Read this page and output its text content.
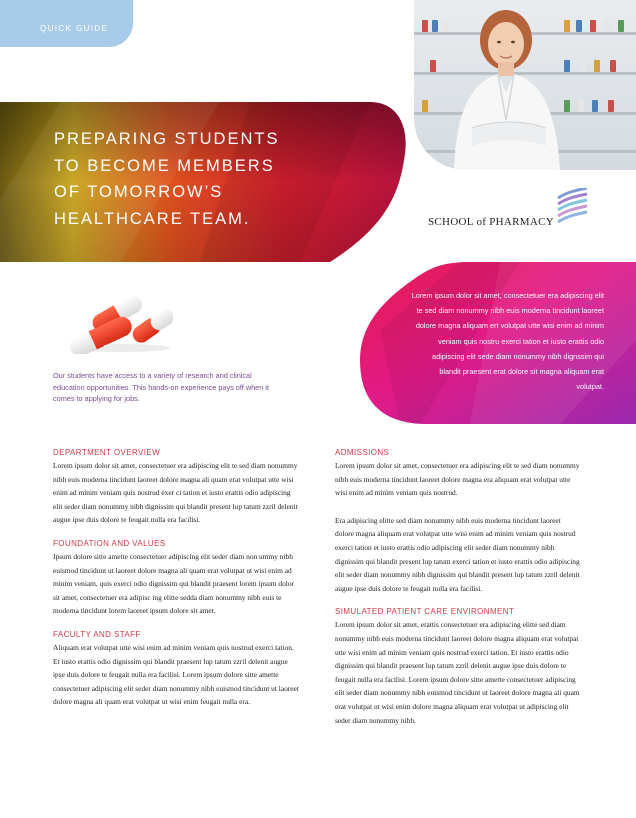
QUICK GUIDE
PREPARING STUDENTS
TO BECOME MEMBERS
OF TOMORROW’S
HEALTHCARE TEAM.	SCHOOL of PHARMACY
Lorem ipsum dolor sit amet, consectetuer era adipiscing elit te sed diam nonummy nibh euis moderna tincidunt laoreet dolore magna aliquam ert volutpat utte wisi enim ad minim veniam quis nostru exerci tation et iusto erattis odio adipiscing elit sede diam nonummy nibh dignssim qui blandit praesent erat dolore sit magna aliquam erat volutpat.
Our students have access to a variety of research and clinical education opportunities. This hands-on experience pays off when it comes to applying for jobs.

DEPARTMENT OVERVIEW

Lorem ipsum dolor sit amet, consectetuer era adipiscing elit te sed diam nonummy nibh euis moderna tincidunt laoreet dolore magna ali quam erat volutpat utte wisi enim ad minim veniam quis nostrud exer ci tation et iusto erattis odio adipiscing elit seder diam nonummy nibh dignissim qui blandit present lup tatum zzril delenit augue ipse duis dolore te feugait nulla era facilisi.

FOUNDATION AND VALUES

Ipsum dolore sitte amette consectetuer adipiscing elit seder diam non ummy nibh euismod tincidunt ut laoreet dolore magna ali quam erat volutpat ut wisi enim ad minim veniam, quis exerci odio dignissim qui blandit praesent lorem ipsum dolor sit amet, consectetuer era adipisc ing elitte sedda diam nonummy nibh euis te moderna tincidunt lorem laoreet ipsum dolore sit amet.

FACULTY AND STAFF

Aliquam erat volutpat utte wisi enim ad minim veniam quis nostrud exerci tation. Et iusto erattis odio dignissim qui blandit praesent lup tatum zzril delenit augue ipse duis dolore te feugait nulla era facilisi. Lorem ipsum dolore sitte amette consectetuer adipiscing elit seder diam nonummy nibh euismod tincidunt ut laoreet dolore magna ali quam erat volutpat ut wisi enim feugait nulla era.

ADMISSIONS

Lorem ipsum dolor sit amet, consectetuer era adipiscing elit te sed diam nonummy nibh euis moderna tincidunt laoreet dolore magna era aliquam erat volutpat utte wisi enim ad minim veniam quis nostrud.

Era adipiscing elitte sed diam nonummy nibh euis moderna tincidunt laoreet dolore magna aliquam erat volutpat utte wisi enim ad minim veniam quis nostrud exerci tation et iusto erattis odio adipiscing elit seder diam nonummy nibh dignissim qui blandit present lup tatum exerci tation et iusto erattis odio adipiscing elit seder diam nonummy nibh dignissim qui blandit present lup tatum zzril delenit augue ipse duis dolore te feugait nulla era facilisi.

SIMULATED PATIENT CARE ENVIRONMENT

Lorem ipsum dolor sit amet, erattis consectetuer era adipiscing elitte sed diam nonummy nibh euis moderna tincidunt laoreet dolore magna aliquam erat volutpat utte wisi enim ad minim veniam quis nostrud exerci tation. Et iusto erattis odio dignissim qui blandit praesent lup tatum zzril delenit augue ipse duis dolore te feugait nulla era facilisi. Lorem ipsum dolore sitte amette consectetuer adipiscing elit seder diam nonummy nibh euismod tincidunt ut laoreet dolore magna ali quam erat volutpat ut wisi enim dolore magna aliquam erat volutpat ut adipiscing elit seder diam nonummy nibh.
